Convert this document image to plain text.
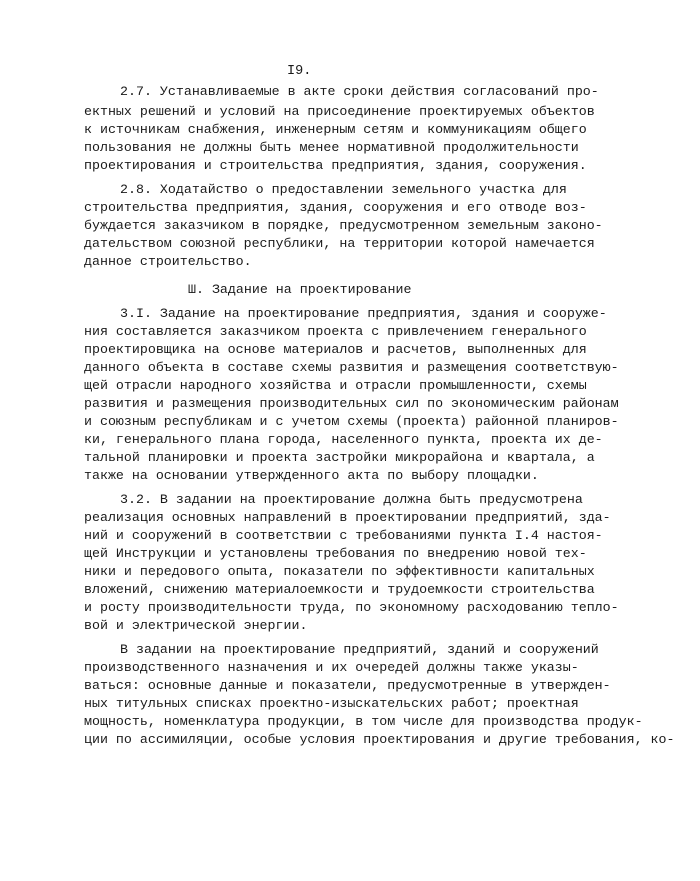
I9.
2.7. Устанавливаемые в акте сроки действия согласований про-
ектных решений и условий на присоединение проектируемых объектов
к источникам снабжения, инженерным сетям и коммуникациям общего
пользования не должны быть менее нормативной продолжительности
проектирования и строительства предприятия, здания, сооружения.
2.8. Ходатайство о предоставлении земельного участка для
строительства предприятия, здания, сооружения и его отводе воз-
буждается заказчиком в порядке, предусмотренном земельным законо-
дательством союзной республики, на территории которой намечается
данное строительство.
Ш. Задание на проектирование
3.I. Задание на проектирование предприятия, здания и сооруже-
ния составляется заказчиком проекта с привлечением генерального
проектировщика на основе материалов и расчетов, выполненных для
данного объекта в составе схемы развития и размещения соответствую-
щей отрасли народного хозяйства и отрасли промышленности, схемы
развития и размещения производительных сил по экономическим районам
и союзным республикам и с учетом схемы (проекта) районной планиров-
ки, генерального плана города, населенного пункта, проекта их де-
тальной планировки и проекта застройки микрорайона и квартала, а
также на основании утвержденного акта по выбору площадки.
3.2. В задании на проектирование должна быть предусмотрена
реализация основных направлений в проектировании предприятий, зда-
ний и сооружений в соответствии с требованиями пункта I.4 настоя-
щей Инструкции и установлены требования по внедрению новой тех-
ники и передового опыта, показатели по эффективности капитальных
вложений, снижению материалоемкости и трудоемкости строительства
и росту производительности труда, по экономному расходованию тепло-
вой и электрической энергии.
В задании на проектирование предприятий, зданий и сооружений
производственного назначения и их очередей должны также указы-
ваться: основные данные и показатели, предусмотренные в утвержден-
ных титульных списках проектно-изыскательских работ; проектная
мощность, номенклатура продукции, в том числе для производства продук-
ции по ассимиляции, особые условия проектирования и другие требования, ко-
